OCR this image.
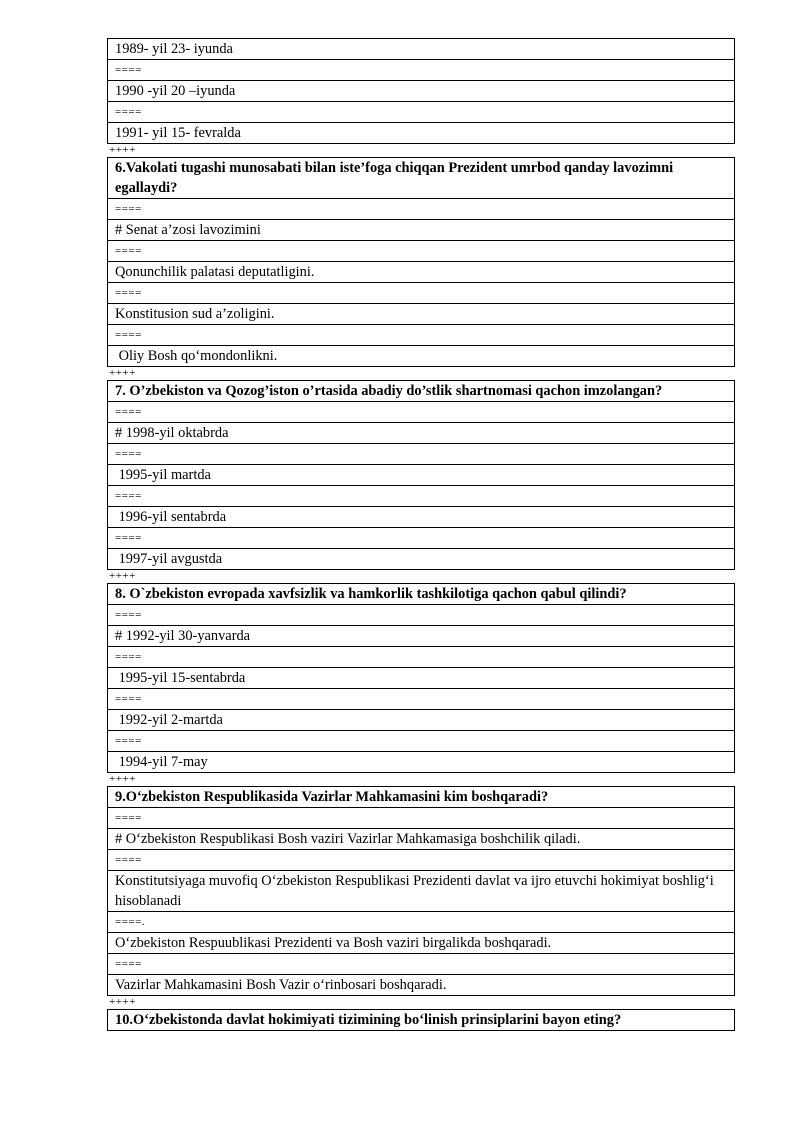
1989- yil 23- iyunda
====
1990 -yil 20 –iyunda
====
1991- yil 15- fevralda
++++
6.Vakolati tugashi munosabati bilan iste’foga chiqqan Prezident umrbod qanday lavozimni egallaydi?
====
# Senat a’zosi lavozimini
====
Qonunchilik palatasi deputatligini.
====
Konstitusion sud a’zoligini.
====
Oliy Bosh qo‘mondonlikni.
++++
7. O’zbekiston va Qozog’iston o’rtasida abadiy do’stlik shartnomasi qachon imzolangan?
====
# 1998-yil oktabrda
====
1995-yil martda
====
1996-yil sentabrda
====
1997-yil avgustda
++++
8. O`zbekiston evropada xavfsizlik va hamkorlik tashkilotiga qachon qabul qilindi?
====
# 1992-yil 30-yanvarda
====
1995-yil 15-sentabrda
====
1992-yil 2-martda
====
1994-yil 7-may
++++
9.O‘zbekiston Respublikasida Vazirlar Mahkamasini kim boshqaradi?
====
# O‘zbekiston Respublikasi Bosh vaziri Vazirlar Mahkamasiga boshchilik qiladi.
====
Konstitutsiyaga muvofiq O‘zbekiston Respublikasi Prezidenti davlat va ijro etuvchi hokimiyat boshlig‘i hisoblanadi
====.
O‘zbekiston Respuublikasi Prezidenti va Bosh vaziri birgalikda boshqaradi.
====
Vazirlar Mahkamasini Bosh Vazir o‘rinbosari boshqaradi.
++++
10.O‘zbekistonda davlat hokimiyati tizimining bo‘linish prinsiplarini bayon eting?
